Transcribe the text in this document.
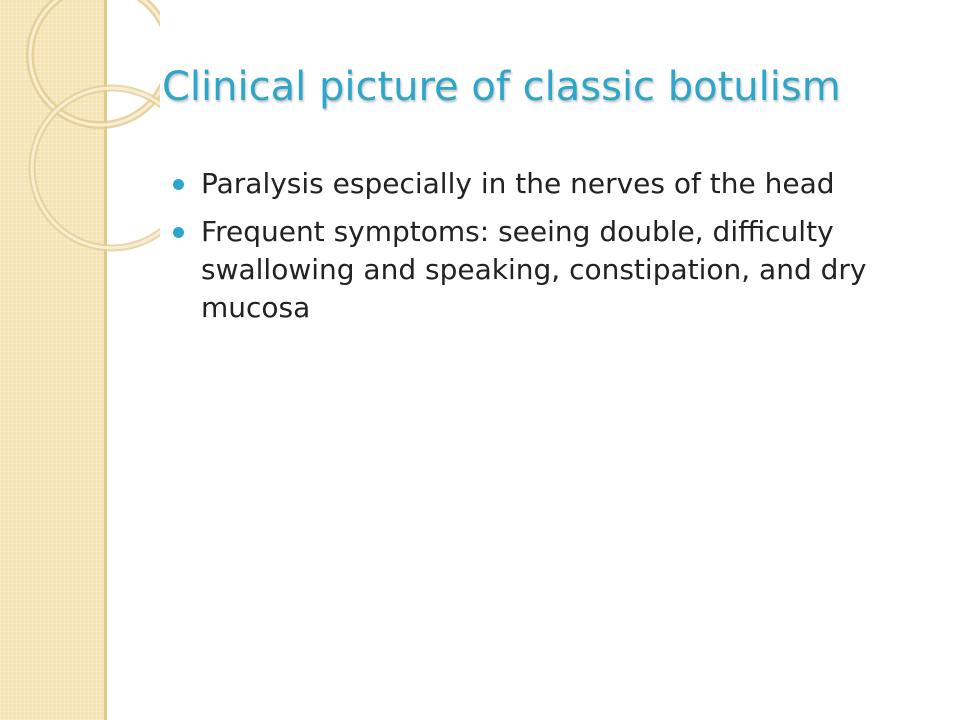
Clinical picture of classic botulism
Paralysis especially in the nerves of the head
Frequent symptoms: seeing double, difficulty swallowing and speaking, constipation, and dry mucosa
